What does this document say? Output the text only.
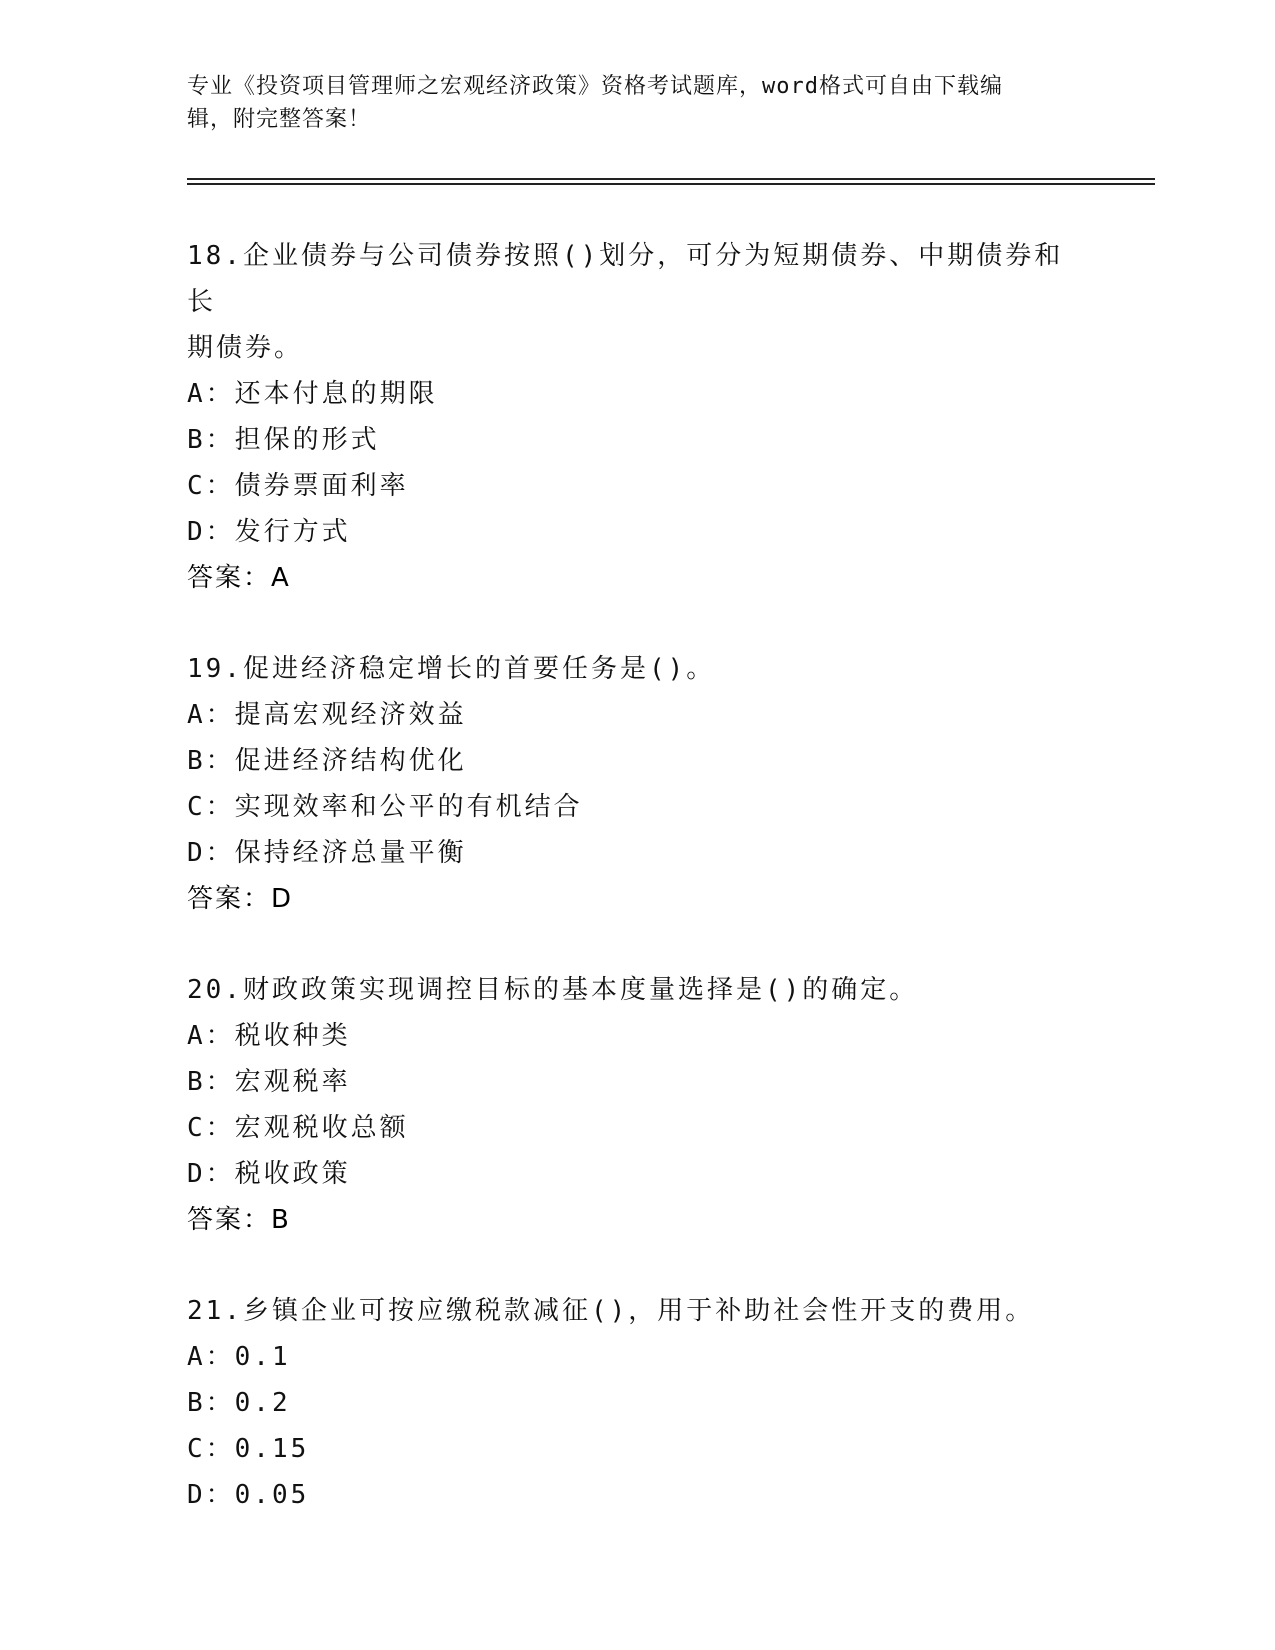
专业《投资项目管理师之宏观经济政策》资格考试题库，word格式可自由下载编
辑，附完整答案！
18.企业债券与公司债券按照()划分，可分为短期债券、中期债券和长
期债券。
A：还本付息的期限
B：担保的形式
C：债券票面利率
D：发行方式
答案：A
19.促进经济稳定增长的首要任务是()。
A：提高宏观经济效益
B：促进经济结构优化
C：实现效率和公平的有机结合
D：保持经济总量平衡
答案：D
20.财政政策实现调控目标的基本度量选择是()的确定。
A：税收种类
B：宏观税率
C：宏观税收总额
D：税收政策
答案：B
21.乡镇企业可按应缴税款减征()，用于补助社会性开支的费用。
A：0.1
B：0.2
C：0.15
D：0.05
